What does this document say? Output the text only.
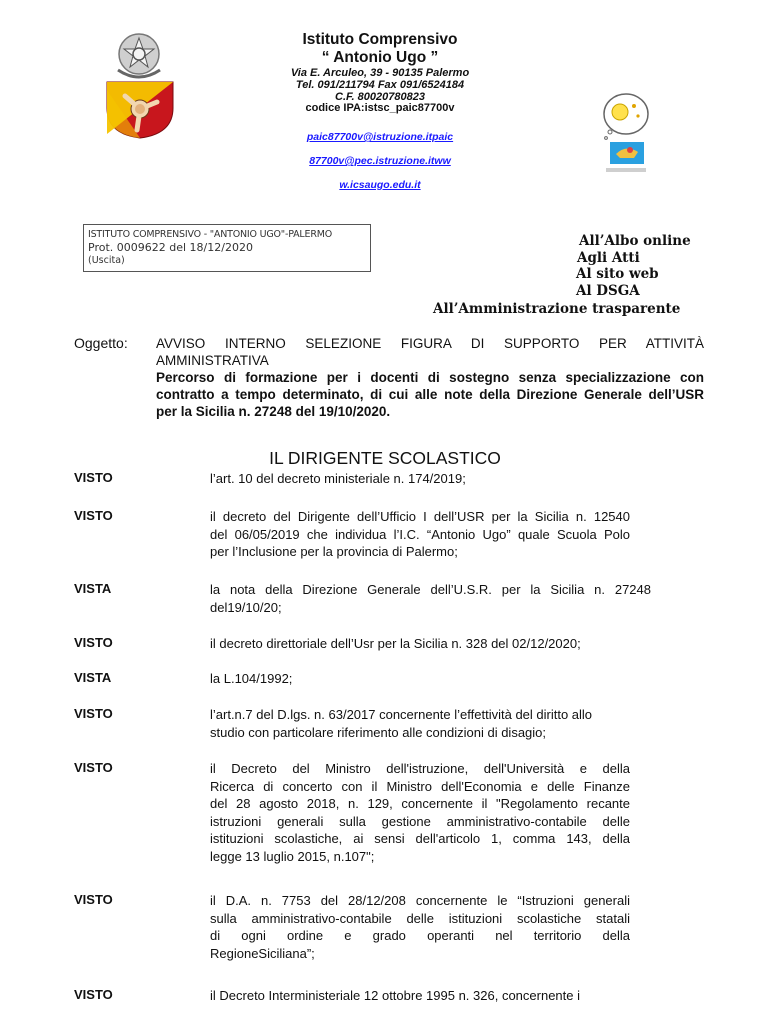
Istituto Comprensivo
“ Antonio Ugo ”
Via E. Arculeo, 39 - 90135 Palermo
Tel. 091/211794 Fax 091/6524184
C.F. 80020780823
codice IPA:istsc_paic87700v
paic87700v@istruzione.itpaic
87700v@pec.istruzione.itww
w.icsaugo.edu.it
ISTITUTO COMPRENSIVO - "ANTONIO UGO"-PALERMO
Prot. 0009622 del 18/12/2020
(Uscita)
All’Albo online
Agli Atti
Al sito web
Al DSGA
All’Amministrazione trasparente
Oggetto: AVVISO INTERNO SELEZIONE FIGURA DI SUPPORTO PER ATTIVITÀ
AMMINISTRATIVA
Percorso di formazione per i docenti di sostegno senza specializzazione con
contratto a tempo determinato, di cui alle note della Direzione Generale dell’USR
per la Sicilia n. 27248 del 19/10/2020.
IL DIRIGENTE SCOLASTICO
VISTO	l’art. 10 del decreto ministeriale n. 174/2019;

VISTO	il decreto del Dirigente dell’Ufficio I dell’USR per la Sicilia n. 12540

del 06/05/2019 che individua l’I.C. “Antonio Ugo” quale Scuola Polo

per l’Inclusione per la provincia di Palermo;

VISTA	la nota della Direzione Generale dell’U.S.R. per la Sicilia n. 27248

del19/10/20;

VISTO	il decreto direttoriale dell’Usr per la Sicilia n. 328 del 02/12/2020;

VISTA	la L.104/1992;

VISTO	l’art.n.7 del D.lgs. n. 63/2017 concernente l’effettività del diritto allo

studio con particolare riferimento alle condizioni di disagio;

VISTO	il Decreto del Ministro dell'istruzione, dell'Università e della

Ricerca di concerto con il Ministro dell'Economia e delle Finanze

del 28 agosto 2018, n. 129, concernente il "Regolamento recante

istruzioni generali sulla gestione amministrativo-contabile delle

istituzioni scolastiche, ai sensi dell'articolo 1, comma 143, della

legge 13 luglio 2015, n.107";

VISTO	il D.A. n. 7753 del 28/12/208 concernente le “Istruzioni generali

sulla amministrativo-contabile delle istituzioni scolastiche statali

di ogni ordine e grado operanti nel territorio della

RegioneSiciliana”;

VISTO	il Decreto Interministeriale 12 ottobre 1995 n. 326, concernente i
